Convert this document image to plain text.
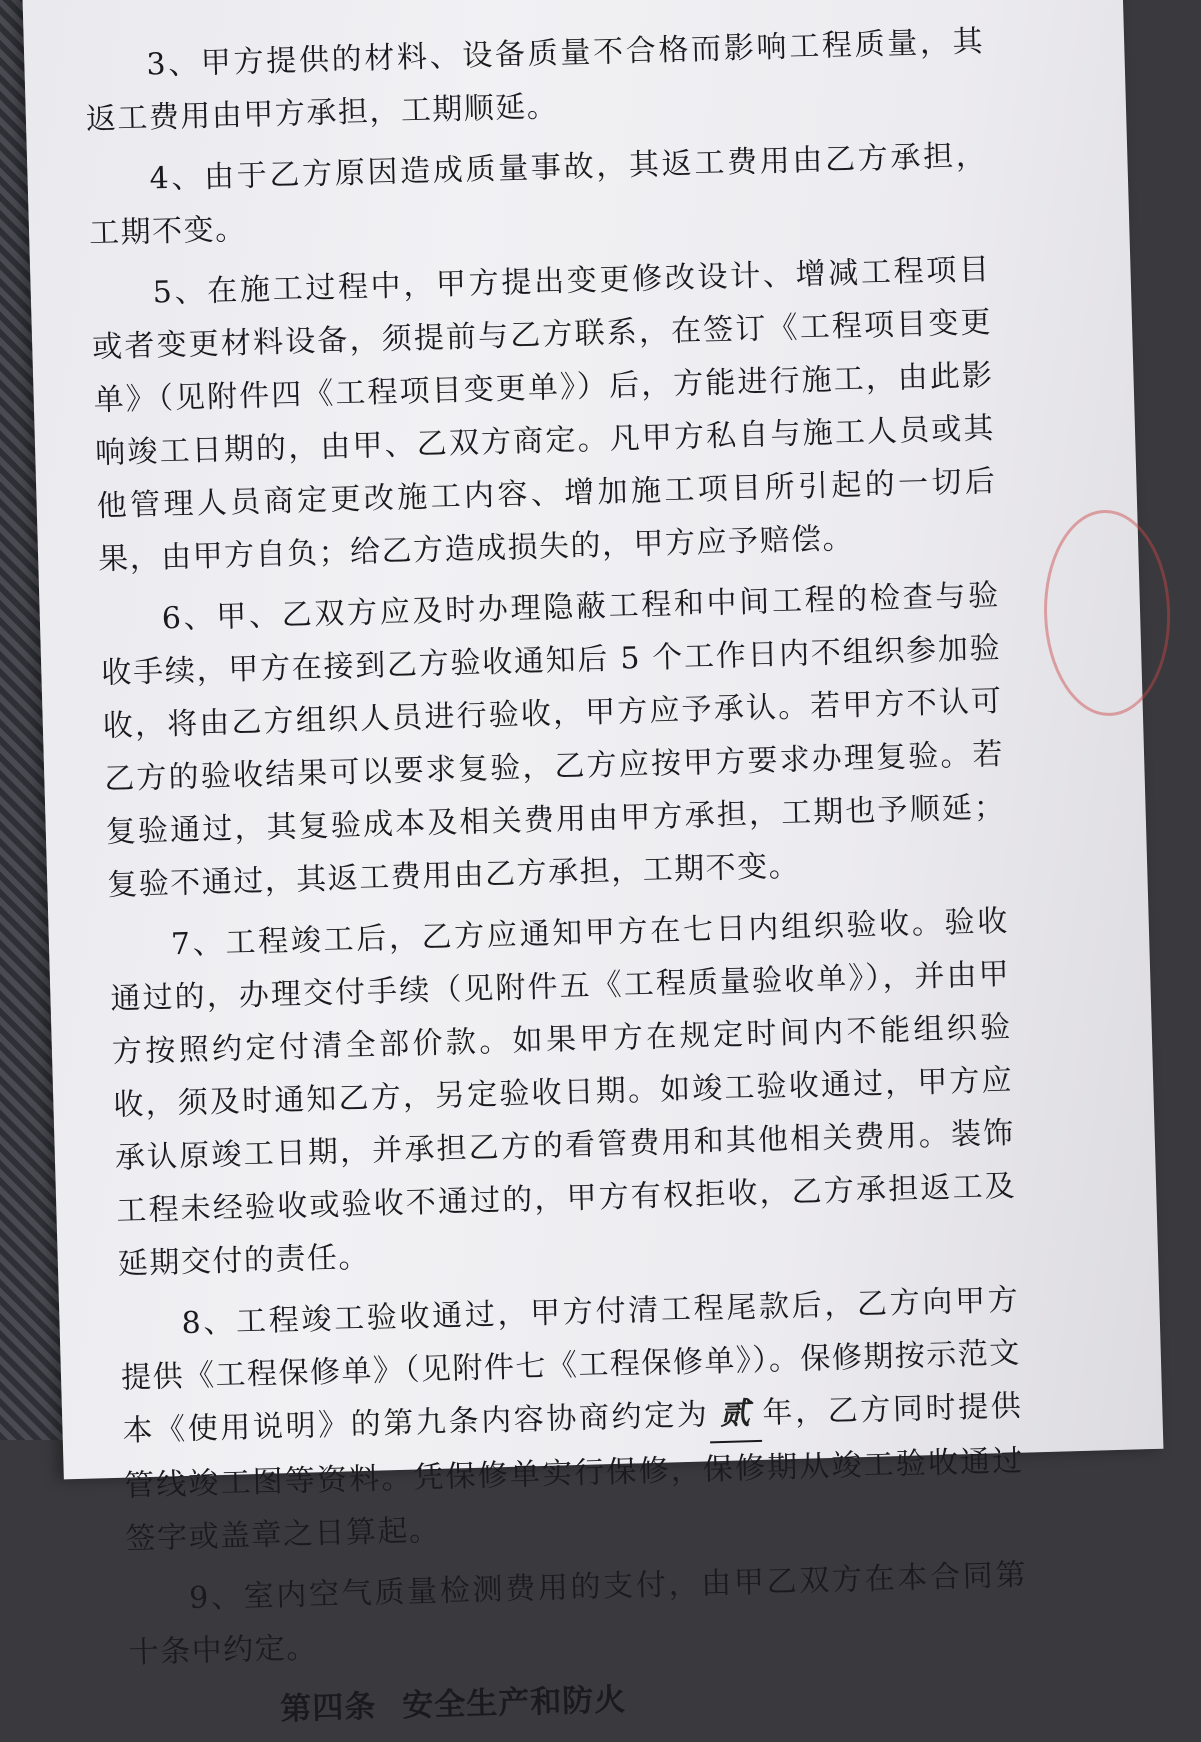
3、甲方提供的材料、设备质量不合格而影响工程质量，其返工费用由甲方承担，工期顺延。

4、由于乙方原因造成质量事故，其返工费用由乙方承担，工期不变。

5、在施工过程中，甲方提出变更修改设计、增减工程项目或者变更材料设备，须提前与乙方联系，在签订《工程项目变更单》（见附件四《工程项目变更单》）后，方能进行施工，由此影响竣工日期的，由甲、乙双方商定。凡甲方私自与施工人员或其他管理人员商定更改施工内容、增加施工项目所引起的一切后果，由甲方自负；给乙方造成损失的，甲方应予赔偿。

6、甲、乙双方应及时办理隐蔽工程和中间工程的检查与验收手续，甲方在接到乙方验收通知后 5 个工作日内不组织参加验收，将由乙方组织人员进行验收，甲方应予承认。若甲方不认可乙方的验收结果可以要求复验，乙方应按甲方要求办理复验。若复验通过，其复验成本及相关费用由甲方承担，工期也予顺延；复验不通过，其返工费用由乙方承担，工期不变。

7、工程竣工后，乙方应通知甲方在七日内组织验收。验收通过的，办理交付手续（见附件五《工程质量验收单》），并由甲方按照约定付清全部价款。如果甲方在规定时间内不能组织验收，须及时通知乙方，另定验收日期。如竣工验收通过，甲方应承认原竣工日期，并承担乙方的看管费用和其他相关费用。装饰工程未经验收或验收不通过的，甲方有权拒收，乙方承担返工及延期交付的责任。

8、工程竣工验收通过，甲方付清工程尾款后，乙方向甲方提供《工程保修单》（见附件七《工程保修单》）。保修期按示范文本《使用说明》的第九条内容协商约定为 贰 年，乙方同时提供管线竣工图等资料。凭保修单实行保修，保修期从竣工验收通过签字或盖章之日算起。

9、室内空气质量检测费用的支付，由甲乙双方在本合同第十条中约定。

第四条 安全生产和防火
